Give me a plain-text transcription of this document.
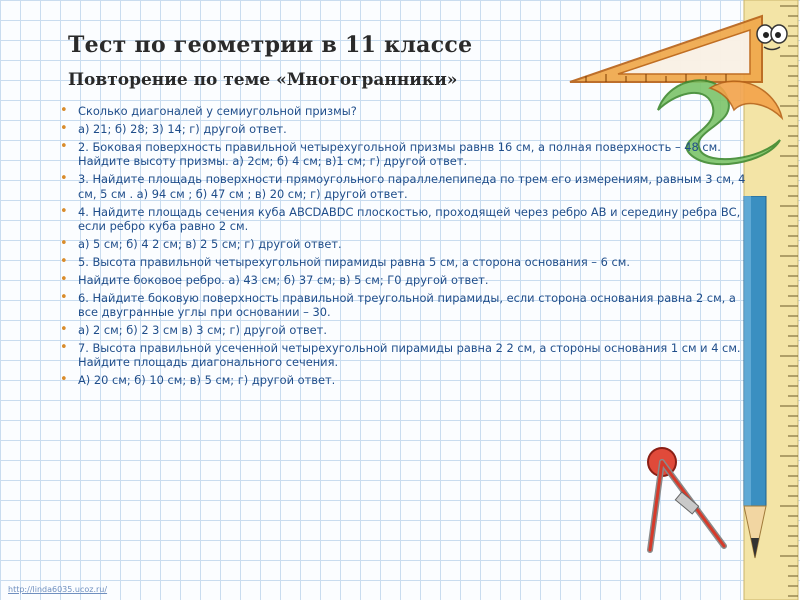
Тест по геометрии в 11 классе
Повторение по теме «Многогранники»
• Сколько диагоналей у семиугольной призмы?
• а) 21; б) 28; 3) 14; г) другой ответ.
• 2. Боковая поверхность правильной четырехугольной призмы равнв 16 см, а полная поверхность – 48 см. Найдите высоту призмы. а) 2см; б) 4 см; в)1 см; г) другой ответ.
• 3. Найдите площадь поверхности прямоугольного параллелепипеда по трем его измерениям, равным 3 см, 4 см, 5 см . а) 94 см ; б) 47 см ; в) 20 см; г) другой ответ.
• 4. Найдите площадь сечения куба ABCDABDC плоскостью, проходящей через ребро АВ и середину ребра ВС, если ребро куба равно 2 см.
• а) 5 см; б) 4 2 см; в) 2 5 см; г) другой ответ.
• 5. Высота правильной четырехугольной пирамиды равна 5 см, а сторона основания – 6 см.
• Найдите боковое ребро. а) 43 см; б) 37 см; в) 5 см; Г0 другой ответ.
• 6. Найдите боковую поверхность правильной треугольной пирамиды, если сторона основания равна 2 см, а все двугранные углы при основании – 30.
• а) 2 см; б) 2 3 см в) 3 см; г) другой ответ.
• 7. Высота правильной усеченной четырехугольной пирамиды равна 2 2 см, а стороны основания 1 см и 4 см. Найдите площадь диагонального сечения.
• А) 20 см; б) 10 см; в) 5 см; г) другой ответ.
http://linda6035.ucoz.ru/
